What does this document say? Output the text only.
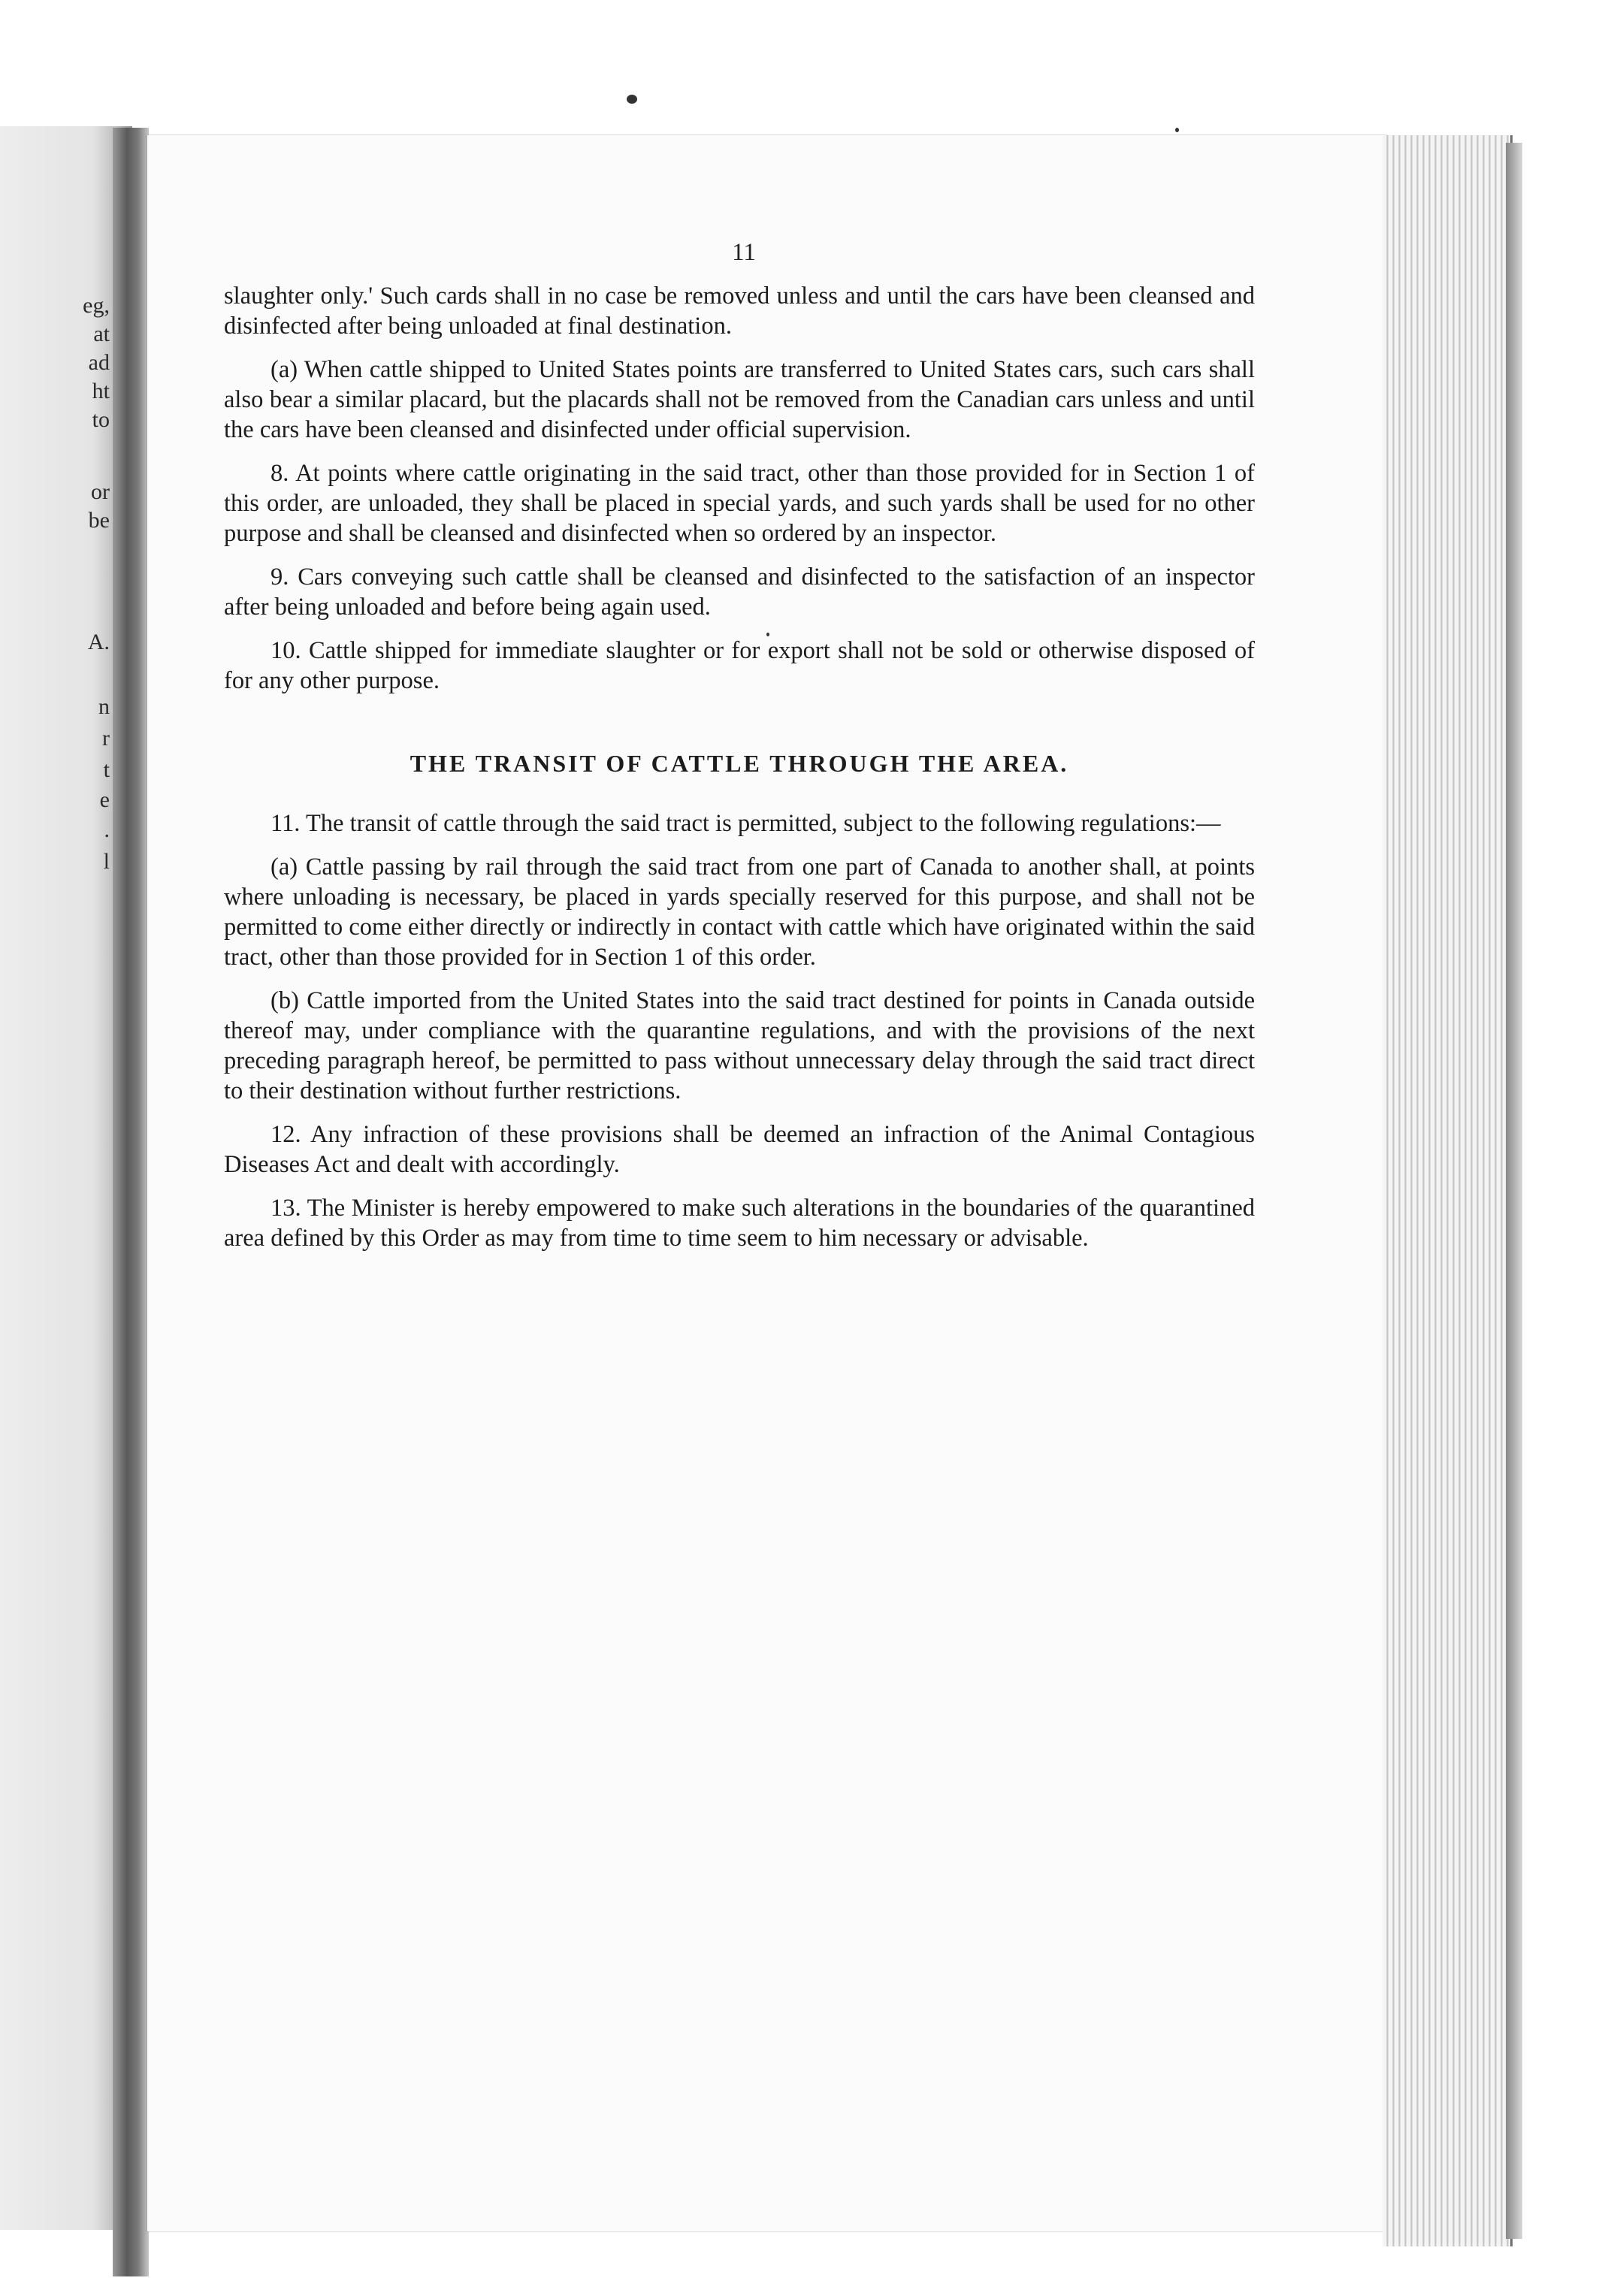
eg,
at
ad
ht
to
or
be
A.
n
r
t
e
.
l
11

slaughter only.' Such cards shall in no case be removed unless and until the cars have been cleansed and disinfected after being unloaded at final destination.

(a) When cattle shipped to United States points are transferred to United States cars, such cars shall also bear a similar placard, but the placards shall not be removed from the Canadian cars unless and until the cars have been cleansed and disinfected under official supervision.

8. At points where cattle originating in the said tract, other than those provided for in Section 1 of this order, are unloaded, they shall be placed in special yards, and such yards shall be used for no other purpose and shall be cleansed and disinfected when so ordered by an inspector.

9. Cars conveying such cattle shall be cleansed and disinfected to the satisfaction of an inspector after being unloaded and before being again used.

10. Cattle shipped for immediate slaughter or for export shall not be sold or otherwise disposed of for any other purpose.

THE TRANSIT OF CATTLE THROUGH THE AREA.

11. The transit of cattle through the said tract is permitted, subject to the following regulations:—

(a) Cattle passing by rail through the said tract from one part of Canada to another shall, at points where unloading is necessary, be placed in yards specially reserved for this purpose, and shall not be permitted to come either directly or indirectly in contact with cattle which have originated within the said tract, other than those provided for in Section 1 of this order.

(b) Cattle imported from the United States into the said tract destined for points in Canada outside thereof may, under compliance with the quarantine regulations, and with the provisions of the next preceding paragraph hereof, be permitted to pass without unnecessary delay through the said tract direct to their destination without further restrictions.

12. Any infraction of these provisions shall be deemed an infraction of the Animal Contagious Diseases Act and dealt with accordingly.

13. The Minister is hereby empowered to make such alterations in the boundaries of the quarantined area defined by this Order as may from time to time seem to him necessary or advisable.
